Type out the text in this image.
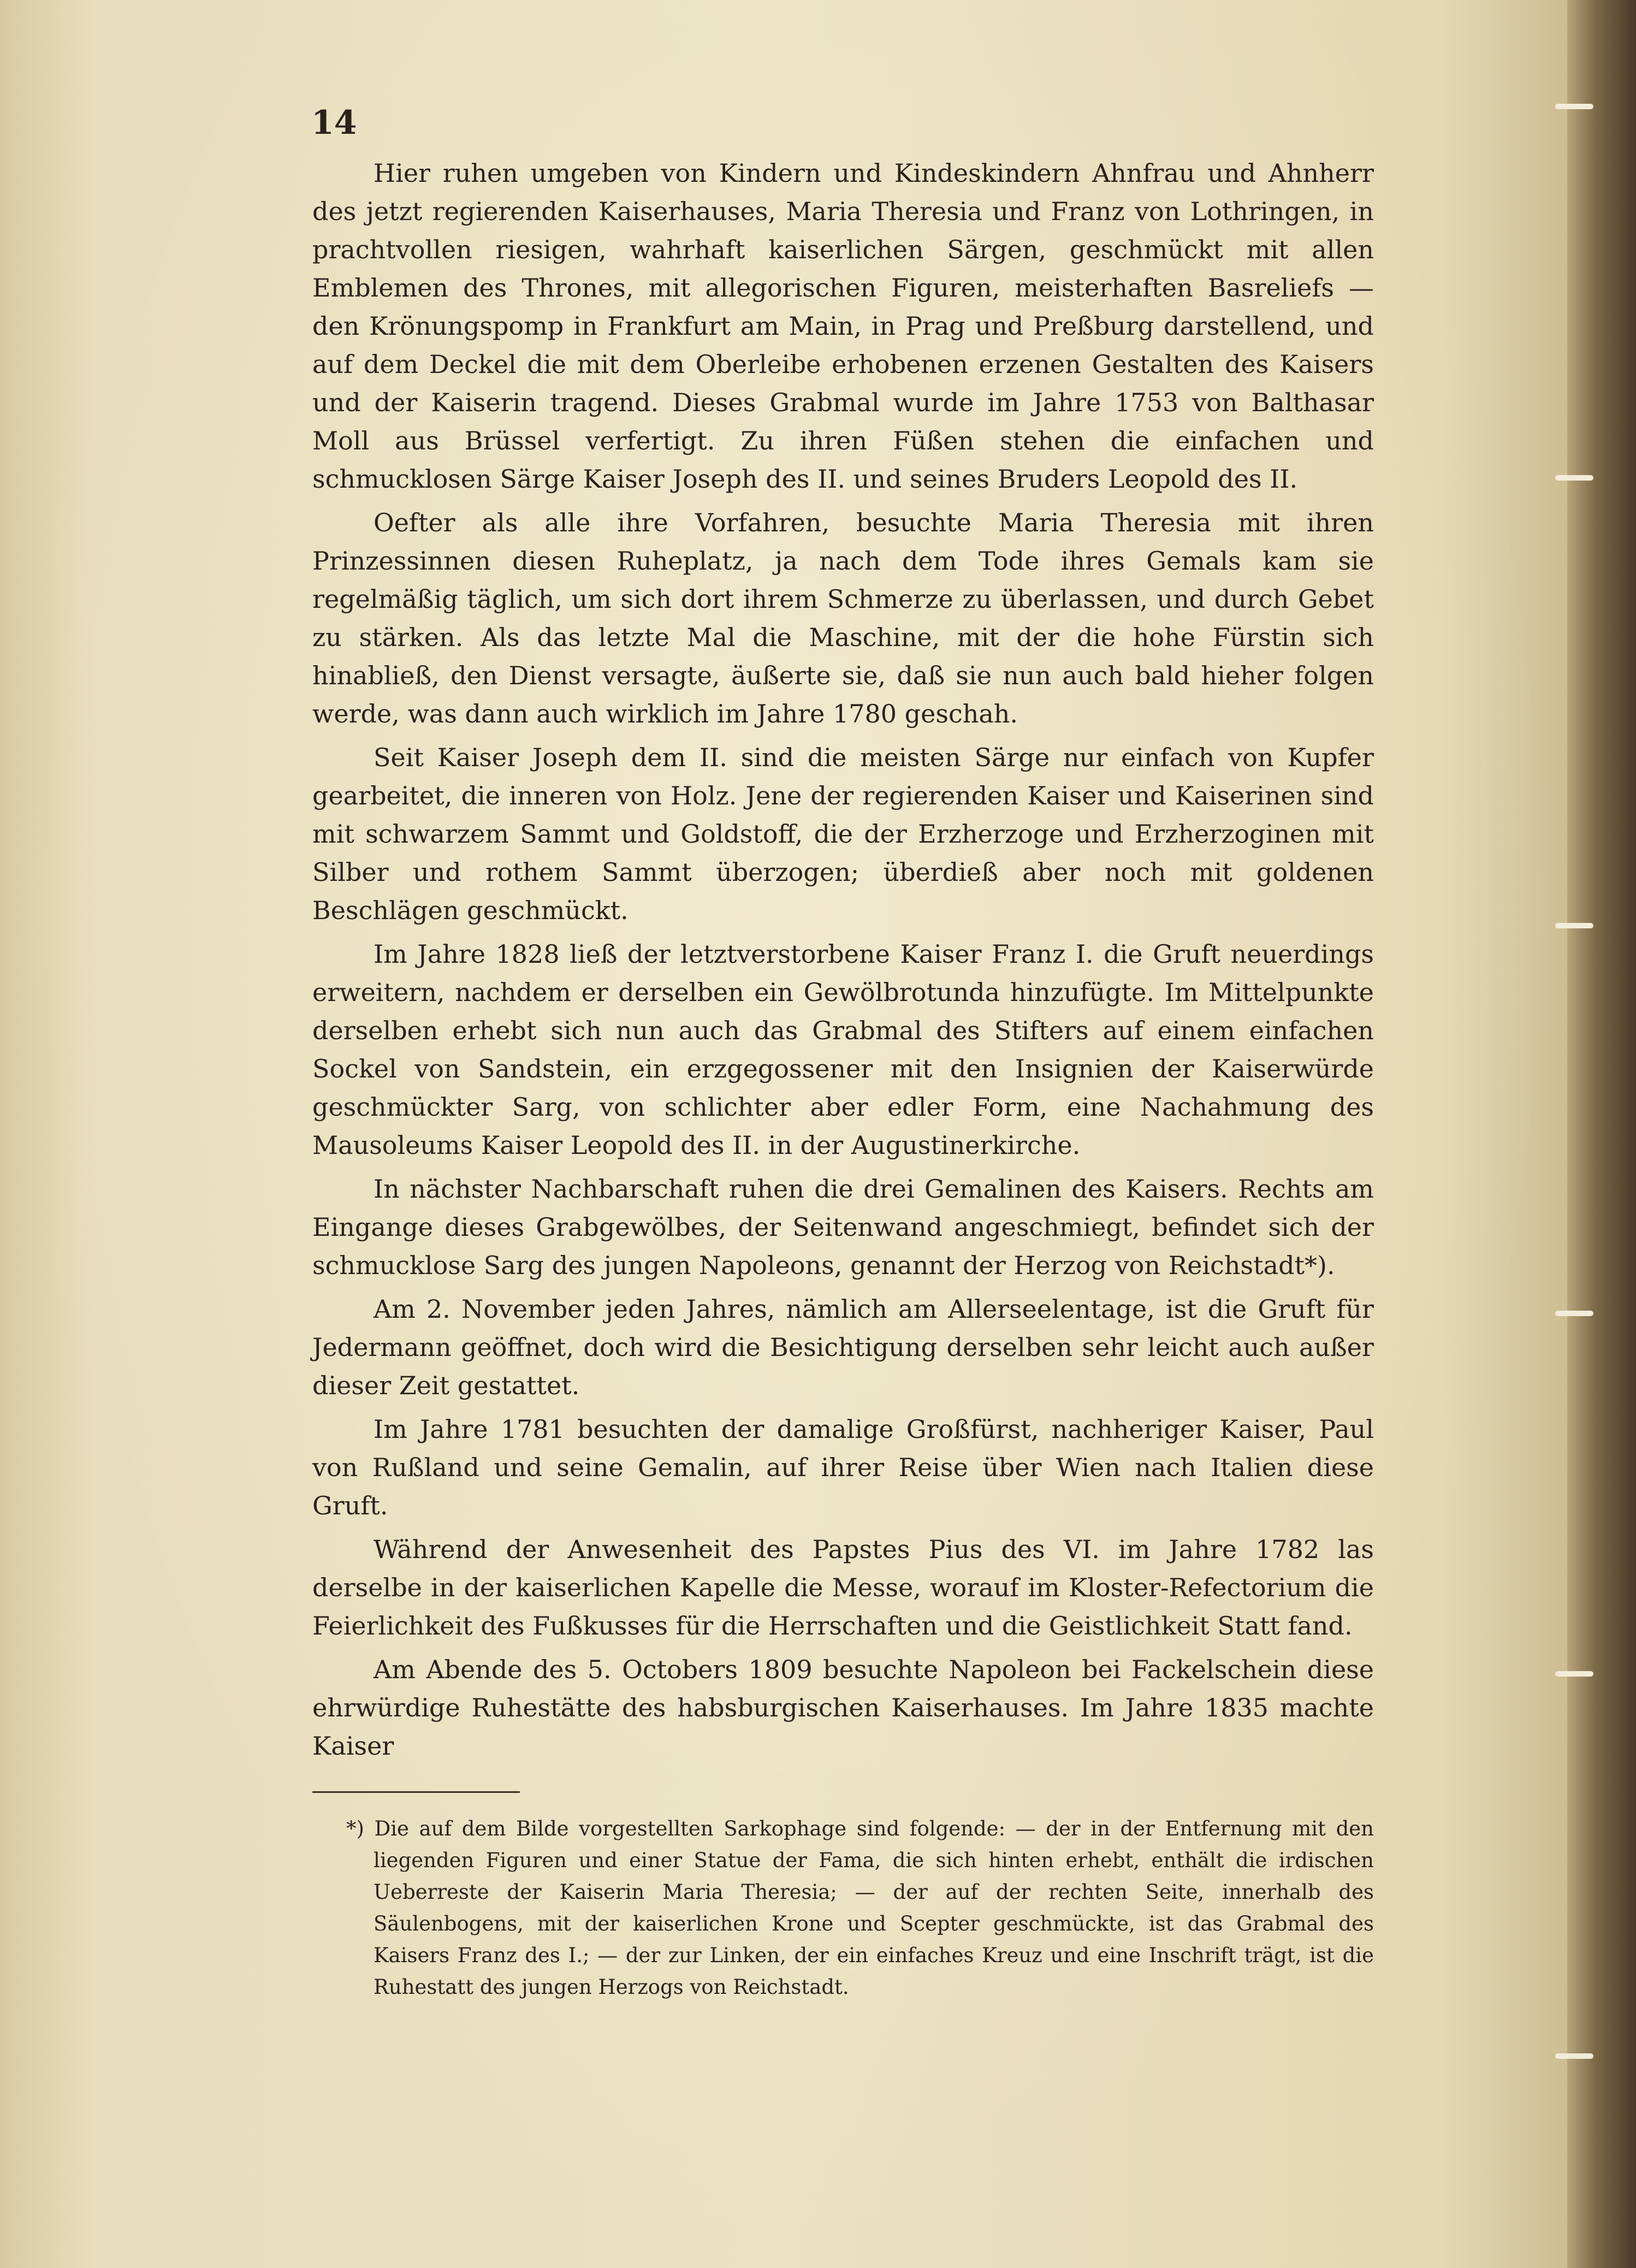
14

Hier ruhen umgeben von Kindern und Kindeskindern Ahnfrau und Ahnherr des jetzt regierenden Kaiserhauses, Maria Theresia und Franz von Lothringen, in prachtvollen riesigen, wahrhaft kaiserlichen Särgen, geschmückt mit allen Emblemen des Thrones, mit allegorischen Figuren, meisterhaften Basreliefs — den Krönungspomp in Frankfurt am Main, in Prag und Preßburg darstellend, und auf dem Deckel die mit dem Oberleibe erhobenen erzenen Gestalten des Kaisers und der Kaiserin tragend. Dieses Grabmal wurde im Jahre 1753 von Balthasar Moll aus Brüssel verfertigt. Zu ihren Füßen stehen die einfachen und schmucklosen Särge Kaiser Joseph des II. und seines Bruders Leopold des II.

Oefter als alle ihre Vorfahren, besuchte Maria Theresia mit ihren Prinzessinnen diesen Ruheplatz, ja nach dem Tode ihres Gemals kam sie regelmäßig täglich, um sich dort ihrem Schmerze zu überlassen, und durch Gebet zu stärken. Als das letzte Mal die Maschine, mit der die hohe Fürstin sich hinabließ, den Dienst versagte, äußerte sie, daß sie nun auch bald hieher folgen werde, was dann auch wirklich im Jahre 1780 geschah.

Seit Kaiser Joseph dem II. sind die meisten Särge nur einfach von Kupfer gearbeitet, die inneren von Holz. Jene der regierenden Kaiser und Kaiserinen sind mit schwarzem Sammt und Goldstoff, die der Erzherzoge und Erzherzoginen mit Silber und rothem Sammt überzogen; überdieß aber noch mit goldenen Beschlägen geschmückt.

Im Jahre 1828 ließ der letztverstorbene Kaiser Franz I. die Gruft neuerdings erweitern, nachdem er derselben ein Gewölbrotunda hinzufügte. Im Mittelpunkte derselben erhebt sich nun auch das Grabmal des Stifters auf einem einfachen Sockel von Sandstein, ein erzgegossener mit den Insignien der Kaiserwürde geschmückter Sarg, von schlichter aber edler Form, eine Nachahmung des Mausoleums Kaiser Leopold des II. in der Augustinerkirche.

In nächster Nachbarschaft ruhen die drei Gemalinen des Kaisers. Rechts am Eingange dieses Grabgewölbes, der Seitenwand angeschmiegt, befindet sich der schmucklose Sarg des jungen Napoleons, genannt der Herzog von Reichstadt*).

Am 2. November jeden Jahres, nämlich am Allerseelentage, ist die Gruft für Jedermann geöffnet, doch wird die Besichtigung derselben sehr leicht auch außer dieser Zeit gestattet.

Im Jahre 1781 besuchten der damalige Großfürst, nachheriger Kaiser, Paul von Rußland und seine Gemalin, auf ihrer Reise über Wien nach Italien diese Gruft.

Während der Anwesenheit des Papstes Pius des VI. im Jahre 1782 las derselbe in der kaiserlichen Kapelle die Messe, worauf im Kloster-Refectorium die Feierlichkeit des Fußkusses für die Herrschaften und die Geistlichkeit Statt fand.

Am Abende des 5. Octobers 1809 besuchte Napoleon bei Fackelschein diese ehrwürdige Ruhestätte des habsburgischen Kaiserhauses. Im Jahre 1835 machte Kaiser

*) Die auf dem Bilde vorgestellten Sarkophage sind folgende: — der in der Entfernung mit den liegenden Figuren und einer Statue der Fama, die sich hinten erhebt, enthält die irdischen Ueberreste der Kaiserin Maria Theresia; — der auf der rechten Seite, innerhalb des Säulenbogens, mit der kaiserlichen Krone und Scepter geschmückte, ist das Grabmal des Kaisers Franz des I.; — der zur Linken, der ein einfaches Kreuz und eine Inschrift trägt, ist die Ruhestatt des jungen Herzogs von Reichstadt.
